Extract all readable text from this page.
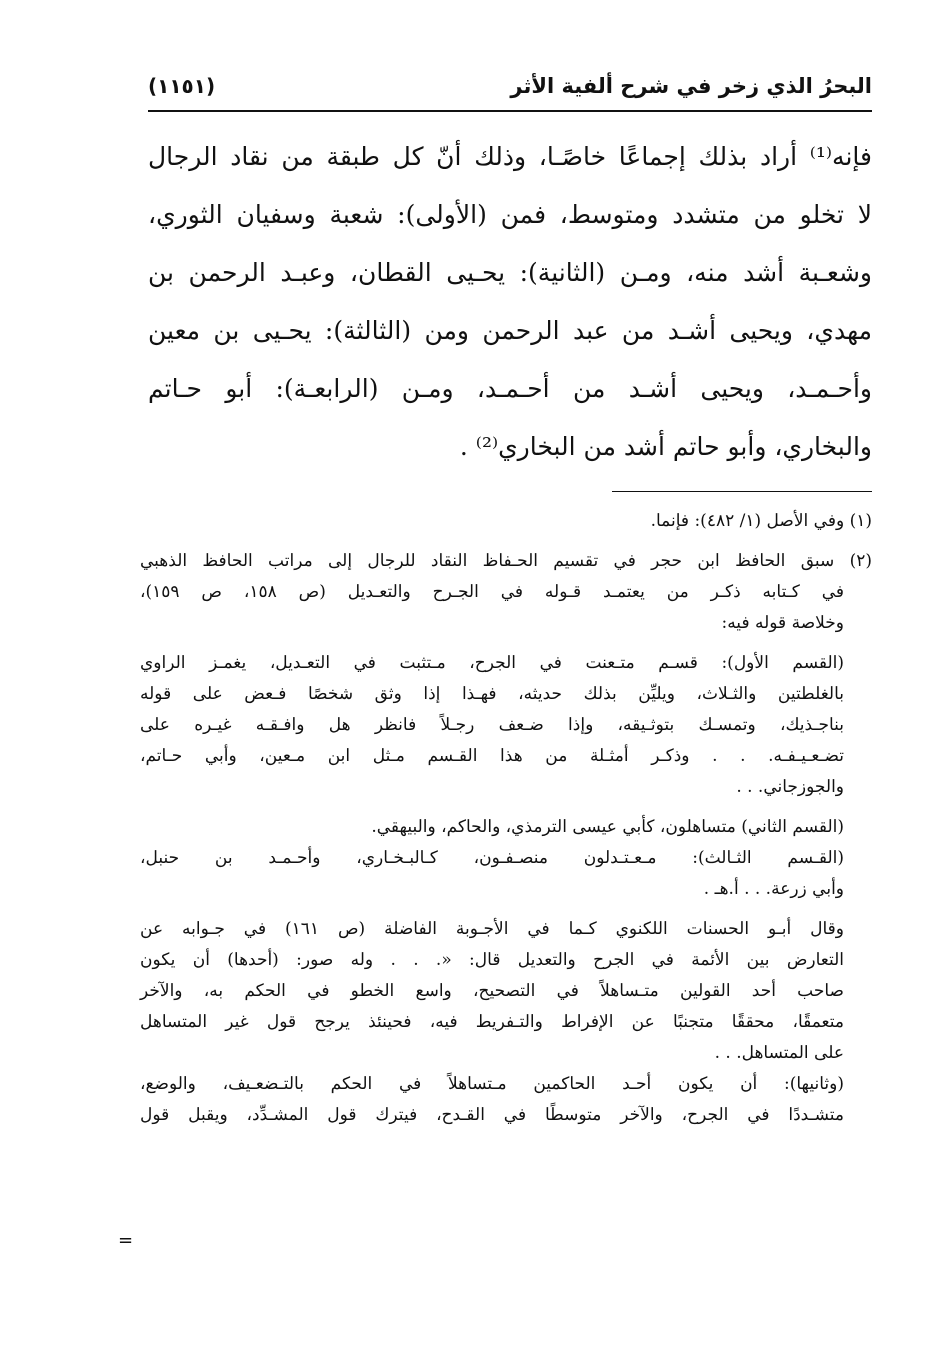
البحرُ الذي زخر في شرح ألفية الأثر
(١١٥١)
فإنه⁽¹⁾ أراد بذلك إجماعًا خاصًـا، وذلك أنّ كل طبقة من نقاد الرجال
لا تخلو من متشدد ومتوسط، فمن (الأولى): شعبة وسفيان الثوري،
وشعـبة أشد منه، ومـن (الثانية): يحـيى القطان، وعبـد الرحمن بن
مهدي، ويحيى أشـد من عبد الرحمن ومن (الثالثة): يحـيى بن معين
وأحـمـد، ويحيى أشـد من أحـمـد، ومـن (الرابعـة): أبو حـاتم
والبخاري، وأبو حاتم أشد من البخاري⁽²⁾ .
(١) وفي الأصل (١/ ٤٨٢): فإنما.
(٢) سبق الحافظ ابن حجر في تقسيم الحـفاظ النقاد للرجال إلى مراتب الحافظ الذهبي
في كـتابه ذكـر من يعتمـد قـوله في الجـرح والتعـديل (ص ١٥٨، ص ١٥٩)،
وخلاصة قوله فيه:
(القسم الأول): قسـم متـعنت في الجرح، مـتثبت في التعـديل، يغمـز الراوي
بالغلطتين والثـلاث، ويليِّن بذلك حديثه، فهـذا إذا وثق شخصًا فـعض على قوله
بناجـذيك، وتمسـك بتوثـيقه، وإذا ضـعف رجـلاً فانظر هل وافـقـه غيـره على
تضـعـيـفـه. . . وذكـر أمثـلة من هذا القـسم مـثل ابن مـعين، وأبي حـاتم،
والجوزجاني. . .
(القسم الثاني) متساهلون، كأبي عيسى الترمذي، والحاكم، والبيهقي.
(القـسم الثـالث): مـعـتـدلون منصـفـون، كـالبـخـاري، وأحـمـد بن حنبل،
وأبي زرعة. . . أ.هـ .
وقال أبـو الحسنات اللكنوي كـما في الأجـوبة الفاضلة (ص ١٦١) في جـوابه عن
التعارض بين الأئمة في الجرح والتعديل قال: «. . . وله صور: (أحدها) أن يكون
صاحب أحد القولين متـساهلاً في التصحيح، واسع الخطو في الحكم به، والآخر
متعمقًا، محققًا متجنبًا عن الإفراط والتـفريط فيه، فحينئذ يرجح قول غير المتساهل
على المتساهل. . .
(وثانيها): أن يكون أحـد الحاكمين مـتساهلاً في الحكم بالتـضعـيف، والوضع،
متشـددًا في الجرح، والآخر متوسطًا في القـدح، فيترك قول المشـدِّد، ويقبل قول
=
